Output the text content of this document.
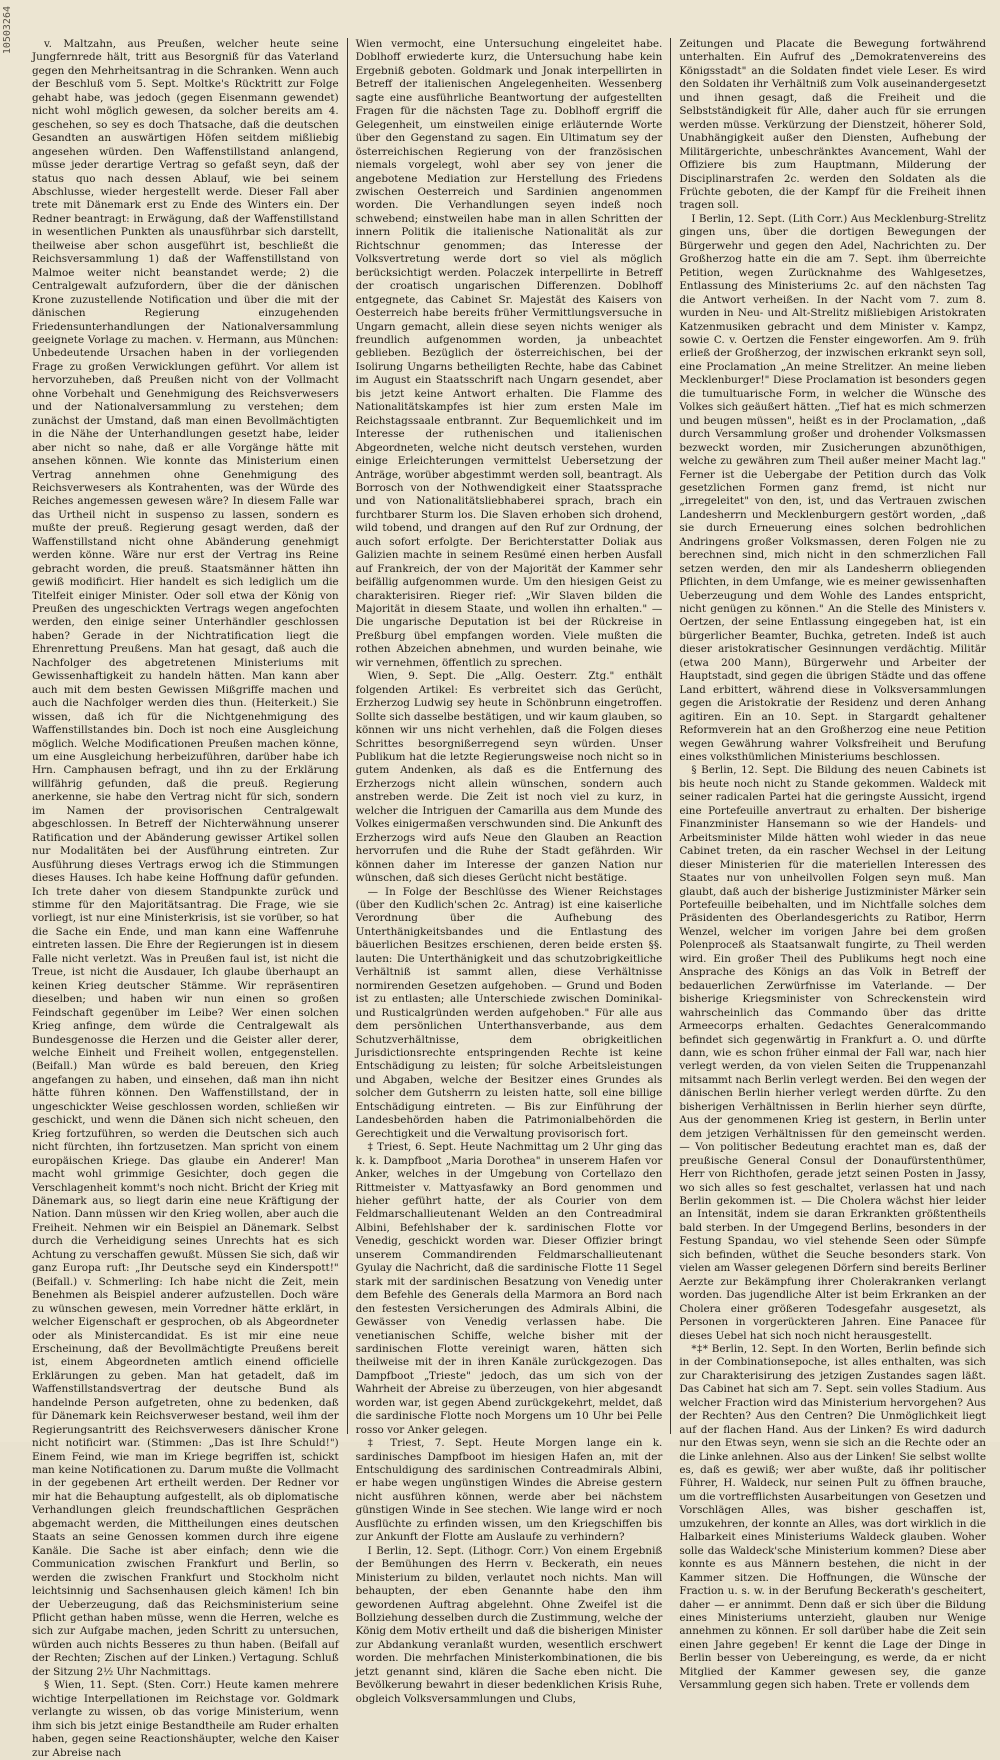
10503264	v. Maltzahn, aus Preußen, welcher heute seine Jungfernrede hält, tritt aus Besorgniß für das Vaterland gegen den Mehrheitsantrag in die Schranken. Wenn auch der Beschluß vom 5. Sept. Moltke's Rücktritt zur Folge gehabt habe, was jedoch (gegen Eisenmann gewendet) nicht wohl möglich gewesen, da solcher bereits am 4. geschehen, so sey es doch Thatsache, daß die deutschen Gesandten an auswärtigen Höfen seitdem mißliebig angesehen würden. Den Waffenstillstand anlangend, müsse jeder derartige Vertrag so gefaßt seyn, daß der status quo nach dessen Ablauf, wie bei seinem Abschlusse, wieder hergestellt werde. Dieser Fall aber trete mit Dänemark erst zu Ende des Winters ein. Der Redner beantragt: in Erwägung, daß der Waffenstillstand in wesentlichen Punkten als unausführbar sich darstellt, theilweise aber schon ausgeführt ist, beschließt die Reichsversammlung 1) daß der Waffenstillstand von Malmoe weiter nicht beanstandet werde; 2) die Centralgewalt aufzufordern, über die der dänischen Krone zuzustellende Notification und über die mit der dänischen Regierung einzugehenden Friedensunterhandlungen der Nationalversammlung geeignete Vorlage zu machen. v. Hermann, aus München: Unbedeutende Ursachen haben in der vorliegenden Frage zu großen Verwicklungen geführt. Vor allem ist hervorzuheben, daß Preußen nicht von der Vollmacht ohne Vorbehalt und Genehmigung des Reichsverwesers und der Nationalversammlung zu verstehen; dem zunächst der Umstand, daß man einen Bevollmächtigten in die Nähe der Unterhandlungen gesetzt habe, leider aber nicht so nahe, daß er alle Vorgänge hätte mit ansehen können. Wie konnte das Ministerium einen Vertrag annehmen ohne Genehmigung des Reichsverwesers als Kontrahenten, was der Würde des Reiches angemessen gewesen wäre? In diesem Falle war das Urtheil nicht in suspenso zu lassen, sondern es mußte der preuß. Regierung gesagt werden, daß der Waffenstillstand nicht ohne Abänderung genehmigt werden könne. Wäre nur erst der Vertrag ins Reine gebracht worden, die preuß. Staatsmänner hätten ihn gewiß modificirt. Hier handelt es sich lediglich um die Titelfeit einiger Minister. Oder soll etwa der König von Preußen des ungeschickten Vertrags wegen angefochten werden, den einige seiner Unterhändler geschlossen haben? Gerade in der Nichtratification liegt die Ehrenrettung Preußens. Man hat gesagt, daß auch die Nachfolger des abgetretenen Ministeriums mit Gewissenhaftigkeit zu handeln hätten. Man kann aber auch mit dem besten Gewissen Mißgriffe machen und auch die Nachfolger werden dies thun. (Heiterkeit.) Sie wissen, daß ich für die Nichtgenehmigung des Waffenstillstandes bin. Doch ist noch eine Ausgleichung möglich. Welche Modificationen Preußen machen könne, um eine Ausgleichung herbeizuführen, darüber habe ich Hrn. Camphausen befragt, und ihn zu der Erklärung willfährig gefunden, daß die preuß. Regierung anerkenne, sie habe den Vertrag nicht für sich, sondern im Namen der provisorischen Centralgewalt abgeschlossen. In Betreff der Nichterwähnung unserer Ratification und der Abänderung gewisser Artikel sollen nur Modalitäten bei der Ausführung eintreten. Zur Ausführung dieses Vertrags erwog ich die Stimmungen dieses Hauses. Ich habe keine Hoffnung dafür gefunden. Ich trete daher von diesem Standpunkte zurück und stimme für den Majoritätsantrag. Die Frage, wie sie vorliegt, ist nur eine Ministerkrisis, ist sie vorüber, so hat die Sache ein Ende, und man kann eine Waffenruhe eintreten lassen. Die Ehre der Regierungen ist in diesem Falle nicht verletzt. Was in Preußen faul ist, ist nicht die Treue, ist nicht die Ausdauer, Ich glaube überhaupt an keinen Krieg deutscher Stämme. Wir repräsentiren dieselben; und haben wir nun einen so großen Feindschaft gegenüber im Leibe? Wer einen solchen Krieg anfinge, dem würde die Centralgewalt als Bundesgenosse die Herzen und die Geister aller derer, welche Einheit und Freiheit wollen, entgegenstellen. (Beifall.) Man würde es bald bereuen, den Krieg angefangen zu haben, und einsehen, daß man ihn nicht hätte führen können. Den Waffenstillstand, der in ungeschickter Weise geschlossen worden, schließen wir geschickt, und wenn die Dänen sich nicht scheuen, den Krieg fortzuführen, so werden die Deutschen sich auch nicht fürchten, ihn fortzusetzen. Man spricht von einem europäischen Kriege. Das glaube ein Anderer! Man macht wohl grimmige Gesichter, doch gegen die Verschlagenheit kommt's noch nicht. Bricht der Krieg mit Dänemark aus, so liegt darin eine neue Kräftigung der Nation. Dann müssen wir den Krieg wollen, aber auch die Freiheit. Nehmen wir ein Beispiel an Dänemark. Selbst durch die Verheidigung seines Unrechts hat es sich Achtung zu verschaffen gewußt. Müssen Sie sich, daß wir ganz Europa ruft: „Ihr Deutsche seyd ein Kinderspott!" (Beifall.) v. Schmerling: Ich habe nicht die Zeit, mein Benehmen als Beispiel anderer aufzustellen. Doch wäre zu wünschen gewesen, mein Vorredner hätte erklärt, in welcher Eigenschaft er gesprochen, ob als Abgeordneter oder als Ministercandidat. Es ist mir eine neue Erscheinung, daß der Bevollmächtigte Preußens bereit ist, einem Abgeordneten amtlich einend officielle Erklärungen zu geben. Man hat getadelt, daß im Waffenstillstandsvertrag der deutsche Bund als handelnde Person aufgetreten, ohne zu bedenken, daß für Dänemark kein Reichsverweser bestand, weil ihm der Regierungsantritt des Reichsverwesers dänischer Krone nicht notificirt war. (Stimmen: „Das ist Ihre Schuld!") Einem Feind, wie man im Kriege begriffen ist, schickt man keine Notificationen zu. Darum mußte die Vollmacht in der gegebenen Art ertheilt werden. Der Redner vor mir hat die Behauptung aufgestellt, als ob diplomatische Verhandlungen gleich freundschaftlichen Gesprächen abgemacht werden, die Mittheilungen eines deutschen Staats an seine Genossen kommen durch ihre eigene Kanäle. Die Sache ist aber einfach; denn wie die Communication zwischen Frankfurt und Berlin, so werden die zwischen Frankfurt und Stockholm nicht leichtsinnig und Sachsenhausen gleich kämen! Ich bin der Ueberzeugung, daß das Reichsministerium seine Pflicht gethan haben müsse, wenn die Herren, welche es sich zur Aufgabe machen, jeden Schritt zu untersuchen, würden auch nichts Besseres zu thun haben. (Beifall auf der Rechten; Zischen auf der Linken.) Vertagung. Schluß der Sitzung 2½ Uhr Nachmittags.

§ Wien, 11. Sept. (Sten. Corr.) Heute kamen mehrere wichtige Interpellationen im Reichstage vor. Goldmark verlangte zu wissen, ob das vorige Ministerium, wenn ihm sich bis jetzt einige Bestandtheile am Ruder erhalten haben, gegen seine Reactionshäupter, welche den Kaiser zur Abreise nach

Wien vermocht, eine Untersuchung eingeleitet habe. Doblhoff erwiederte kurz, die Untersuchung habe kein Ergebniß geboten. Goldmark und Jonak interpellirten in Betreff der italienischen Angelegenheiten. Wessenberg sagte eine ausführliche Beantwortung der aufgestellten Fragen für die nächsten Tage zu. Doblhoff ergriff die Gelegenheit, um einstweilen einige erläuternde Worte über den Gegenstand zu sagen. Ein Ultimatum sey der österreichischen Regierung von der französischen niemals vorgelegt, wohl aber sey von jener die angebotene Mediation zur Herstellung des Friedens zwischen Oesterreich und Sardinien angenommen worden. Die Verhandlungen seyen indeß noch schwebend; einstweilen habe man in allen Schritten der innern Politik die italienische Nationalität als zur Richtschnur genommen; das Interesse der Volksvertretung werde dort so viel als möglich berücksichtigt werden. Polaczek interpellirte in Betreff der croatisch ungarischen Differenzen. Doblhoff entgegnete, das Cabinet Sr. Majestät des Kaisers von Oesterreich habe bereits früher Vermittlungsversuche in Ungarn gemacht, allein diese seyen nichts weniger als freundlich aufgenommen worden, ja unbeachtet geblieben. Bezüglich der österreichischen, bei der Isolirung Ungarns betheiligten Rechte, habe das Cabinet im August ein Staatsschrift nach Ungarn gesendet, aber bis jetzt keine Antwort erhalten. Die Flamme des Nationalitätskampfes ist hier zum ersten Male im Reichstagssaale entbrannt. Zur Bequemlichkeit und im Interesse der ruthenischen und italienischen Abgeordneten, welche nicht deutsch verstehen, wurden einige Erleichterungen vermittelst Uebersetzung der Anträge, worüber abgestimmt werden soll, beantragt. Als Borrosch von der Nothwendigkeit einer Staatssprache und von Nationalitätsliebhaberei sprach, brach ein furchtbarer Sturm los. Die Slaven erhoben sich drohend, wild tobend, und drangen auf den Ruf zur Ordnung, der auch sofort erfolgte. Der Berichterstatter Doliak aus Galizien machte in seinem Resümé einen herben Ausfall auf Frankreich, der von der Majorität der Kammer sehr beifällig aufgenommen wurde. Um den hiesigen Geist zu charakterisiren. Rieger rief: „Wir Slaven bilden die Majorität in diesem Staate, und wollen ihn erhalten." — Die ungarische Deputation ist bei der Rückreise in Preßburg übel empfangen worden. Viele mußten die rothen Abzeichen abnehmen, und wurden beinahe, wie wir vernehmen, öffentlich zu sprechen.

Wien, 9. Sept. Die „Allg. Oesterr. Ztg." enthält folgenden Artikel: Es verbreitet sich das Gerücht, Erzherzog Ludwig sey heute in Schönbrunn eingetroffen. Sollte sich dasselbe bestätigen, und wir kaum glauben, so können wir uns nicht verhehlen, daß die Folgen dieses Schrittes besorgnißerregend seyn würden. Unser Publikum hat die letzte Regierungsweise noch nicht so in gutem Andenken, als daß es die Entfernung des Erzherzogs nicht allein wünschen, sondern auch anstreben werde. Die Zeit ist noch viel zu kurz, in welcher die Intriguen der Camarilla aus dem Munde des Volkes einigermaßen verschwunden sind. Die Ankunft des Erzherzogs wird aufs Neue den Glauben an Reaction hervorrufen und die Ruhe der Stadt gefährden. Wir können daher im Interesse der ganzen Nation nur wünschen, daß sich dieses Gerücht nicht bestätige.

— In Folge der Beschlüsse des Wiener Reichstages (über den Kudlich'schen 2c. Antrag) ist eine kaiserliche Verordnung über die Aufhebung des Unterthänigkeitsbandes und die Entlastung des bäuerlichen Besitzes erschienen, deren beide ersten §§. lauten: Die Unterthänigkeit und das schutzobrigkeitliche Verhältniß ist sammt allen, diese Verhältnisse normirenden Gesetzen aufgehoben. — Grund und Boden ist zu entlasten; alle Unterschiede zwischen Dominikal- und Rusticalgründen werden aufgehoben." Für alle aus dem persönlichen Unterthansverbande, aus dem Schutzverhältnisse, dem obrigkeitlichen Jurisdictionsrechte entspringenden Rechte ist keine Entschädigung zu leisten; für solche Arbeitsleistungen und Abgaben, welche der Besitzer eines Grundes als solcher dem Gutsherrn zu leisten hatte, soll eine billige Entschädigung eintreten. — Bis zur Einführung der Landesbehörden haben die Patrimonialbehörden die Gerechtigkeit und die Verwaltung provisorisch fort.

‡ Triest, 6. Sept. Heute Nachmittag um 2 Uhr ging das k. k. Dampfboot „Maria Dorothea" in unserem Hafen vor Anker, welches in der Umgebung von Cortellazo den Rittmeister v. Mattyasfawky an Bord genommen und hieher geführt hatte, der als Courier von dem Feldmarschallieutenant Welden an den Contreadmiral Albini, Befehlshaber der k. sardinischen Flotte vor Venedig, geschickt worden war. Dieser Offizier bringt unserem Commandirenden Feldmarschallieutenant Gyulay die Nachricht, daß die sardinische Flotte 11 Segel stark mit der sardinischen Besatzung von Venedig unter dem Befehle des Generals della Marmora an Bord nach den festesten Versicherungen des Admirals Albini, die Gewässer von Venedig verlassen habe. Die venetianischen Schiffe, welche bisher mit der sardinischen Flotte vereinigt waren, hätten sich theilweise mit der in ihren Kanäle zurückgezogen. Das Dampfboot „Trieste" jedoch, das um sich von der Wahrheit der Abreise zu überzeugen, von hier abgesandt worden war, ist gegen Abend zurückgekehrt, meldet, daß die sardinische Flotte noch Morgens um 10 Uhr bei Pelle rosso vor Anker gelegen.

‡ Triest, 7. Sept. Heute Morgen lange ein k. sardinisches Dampfboot im hiesigen Hafen an, mit der Entschuldigung des sardinischen Contreadmirals Albini, er habe wegen ungünstigen Windes die Abreise gestern nicht ausführen können, werde aber bei nächstem günstigen Winde in See stechen. Wie lange wird er noch Ausflüchte zu erfinden wissen, um den Kriegschiffen bis zur Ankunft der Flotte am Auslaufe zu verhindern?

I Berlin, 12. Sept. (Lithogr. Corr.) Von einem Ergebniß der Bemühungen des Herrn v. Beckerath, ein neues Ministerium zu bilden, verlautet noch nichts. Man will behaupten, der eben Genannte habe den ihm gewordenen Auftrag abgelehnt. Ohne Zweifel ist die Bollziehung desselben durch die Zustimmung, welche der König dem Motiv ertheilt und daß die bisherigen Minister zur Abdankung veranlaßt wurden, wesentlich erschwert worden. Die mehrfachen Ministerkombinationen, die bis jetzt genannt sind, klären die Sache eben nicht. Die Bevölkerung bewahrt in dieser bedenklichen Krisis Ruhe, obgleich Volksversammlungen und Clubs,

Zeitungen und Placate die Bewegung fortwährend unterhalten. Ein Aufruf des „Demokratenvereins des Königsstadt" an die Soldaten findet viele Leser. Es wird den Soldaten ihr Verhältniß zum Volk auseinandergesetzt und ihnen gesagt, daß die Freiheit und die Selbstständigkeit für Alle, daher auch für sie errungen werden müsse. Verkürzung der Dienstzeit, höherer Sold, Unabhängigkeit außer den Diensten, Aufhebung der Militärgerichte, unbeschränktes Avancement, Wahl der Offiziere bis zum Hauptmann, Milderung der Disciplinarstrafen 2c. werden den Soldaten als die Früchte geboten, die der Kampf für die Freiheit ihnen tragen soll.

I Berlin, 12. Sept. (Lith Corr.) Aus Mecklenburg-Strelitz gingen uns, über die dortigen Bewegungen der Bürgerwehr und gegen den Adel, Nachrichten zu. Der Großherzog hatte ein die am 7. Sept. ihm überreichte Petition, wegen Zurücknahme des Wahlgesetzes, Entlassung des Ministeriums 2c. auf den nächsten Tag die Antwort verheißen. In der Nacht vom 7. zum 8. wurden in Neu- und Alt-Strelitz mißliebigen Aristokraten Katzenmusiken gebracht und dem Minister v. Kampz, sowie C. v. Oertzen die Fenster eingeworfen. Am 9. früh erließ der Großherzog, der inzwischen erkrankt seyn soll, eine Proclamation „An meine Strelitzer. An meine lieben Mecklenburger!" Diese Proclamation ist besonders gegen die tumultuarische Form, in welcher die Wünsche des Volkes sich geäußert hätten. „Tief hat es mich schmerzen und beugen müssen", heißt es in der Proclamation, „daß durch Versammlung großer und drohender Volksmassen bezweckt worden, mir Zusicherungen abzunöthigen, welche zu gewähren zum Theil außer meiner Macht lag." Ferner ist die Uebergabe der Petition durch das Volk gesetzlichen Formen ganz fremd, ist nicht nur „irregeleitet" von den, ist, und das Vertrauen zwischen Landesherrn und Mecklenburgern gestört worden, „daß sie durch Erneuerung eines solchen bedrohlichen Andringens großer Volksmassen, deren Folgen nie zu berechnen sind, mich nicht in den schmerzlichen Fall setzen werden, den mir als Landesherrn obliegenden Pflichten, in dem Umfange, wie es meiner gewissenhaften Ueberzeugung und dem Wohle des Landes entspricht, nicht genügen zu können." An die Stelle des Ministers v. Oertzen, der seine Entlassung eingegeben hat, ist ein bürgerlicher Beamter, Buchka, getreten. Indeß ist auch dieser aristokratischer Gesinnungen verdächtig. Militär (etwa 200 Mann), Bürgerwehr und Arbeiter der Hauptstadt, sind gegen die übrigen Städte und das offene Land erbittert, während diese in Volksversammlungen gegen die Aristokratie der Residenz und deren Anhang agitiren. Ein an 10. Sept. in Stargardt gehaltener Reformverein hat an den Großherzog eine neue Petition wegen Gewährung wahrer Volksfreiheit und Berufung eines volksthümlichen Ministeriums beschlossen.

§ Berlin, 12. Sept. Die Bildung des neuen Cabinets ist bis heute noch nicht zu Stande gekommen. Waldeck mit seiner radicalen Partei hat die geringste Aussicht, irgend eine Portefeuille anvertraut zu erhalten. Der bisherige Finanzminister Hansemann so wie der Handels- und Arbeitsminister Milde hätten wohl wieder in das neue Cabinet treten, da ein rascher Wechsel in der Leitung dieser Ministerien für die materiellen Interessen des Staates nur von unheilvollen Folgen seyn muß. Man glaubt, daß auch der bisherige Justizminister Märker sein Portefeuille beibehalten, und im Nichtfalle solches dem Präsidenten des Oberlandesgerichts zu Ratibor, Herrn Wenzel, welcher im vorigen Jahre bei dem großen Polenproceß als Staatsanwalt fungirte, zu Theil werden wird. Ein großer Theil des Publikums hegt noch eine Ansprache des Königs an das Volk in Betreff der bedauerlichen Zerwürfnisse im Vaterlande. — Der bisherige Kriegsminister von Schreckenstein wird wahrscheinlich das Commando über das dritte Armeecorps erhalten. Gedachtes Generalcommando befindet sich gegenwärtig in Frankfurt a. O. und dürfte dann, wie es schon früher einmal der Fall war, nach hier verlegt werden, da von vielen Seiten die Truppenanzahl mitsammt nach Berlin verlegt werden. Bei den wegen der dänischen Berlin hierher verlegt werden dürfte. Zu den bisherigen Verhältnissen in Berlin hierher seyn dürfte, Aus der genommenen Krieg ist gestern, in Berlin unter dem jetzigen Verhältnissen für den gemeinscht werden. — Von politischer Bedeutung erachtet man es, daß der preußische General Consul der Donaufürstenthümer, Herr von Richthofen, gerade jetzt seinen Posten in Jassy, wo sich alles so fest geschaltet, verlassen hat und nach Berlin gekommen ist. — Die Cholera wächst hier leider an Intensität, indem sie daran Erkrankten größtentheils bald sterben. In der Umgegend Berlins, besonders in der Festung Spandau, wo viel stehende Seen oder Sümpfe sich befinden, wüthet die Seuche besonders stark. Von vielen am Wasser gelegenen Dörfern sind bereits Berliner Aerzte zur Bekämpfung ihrer Cholerakranken verlangt worden. Das jugendliche Alter ist beim Erkranken an der Cholera einer größeren Todesgefahr ausgesetzt, als Personen in vorgerückteren Jahren. Eine Panacee für dieses Uebel hat sich noch nicht herausgestellt.

*‡* Berlin, 12. Sept. In den Worten, Berlin befinde sich in der Combinationsepoche, ist alles enthalten, was sich zur Charakterisirung des jetzigen Zustandes sagen läßt. Das Cabinet hat sich am 7. Sept. sein volles Stadium. Aus welcher Fraction wird das Ministerium hervorgehen? Aus der Rechten? Aus den Centren? Die Unmöglichkeit liegt auf der flachen Hand. Aus der Linken? Es wird dadurch nur den Etwas seyn, wenn sie sich an die Rechte oder an die Linke anlehnen. Also aus der Linken! Sie selbst wollte es, daß es gewiß; wer aber wußte, daß ihr politischer Führer, H. Waldeck, nur seinen Pult zu öffnen brauche, um die vortrefflichsten Ausarbeitungen von Gesetzen und Vorschlägen Alles, was bisher geschaffen ist, umzukehren, der konnte an Alles, was dort wirklich in die Halbarkeit eines Ministeriums Waldeck glauben. Woher solle das Waldeck'sche Ministerium kommen? Diese aber konnte es aus Männern bestehen, die nicht in der Kammer sitzen. Die Hoffnungen, die Wünsche der Fraction u. s. w. in der Berufung Beckerath's gescheitert, daher — er annimmt. Denn daß er sich über die Bildung eines Ministeriums unterzieht, glauben nur Wenige annehmen zu können. Er soll darüber habe die Zeit sein einen Jahre gegeben! Er kennt die Lage der Dinge in Berlin besser von Uebereingung, es werde, da er nicht Mitglied der Kammer gewesen sey, die ganze Versammlung gegen sich haben. Trete er vollends dem
